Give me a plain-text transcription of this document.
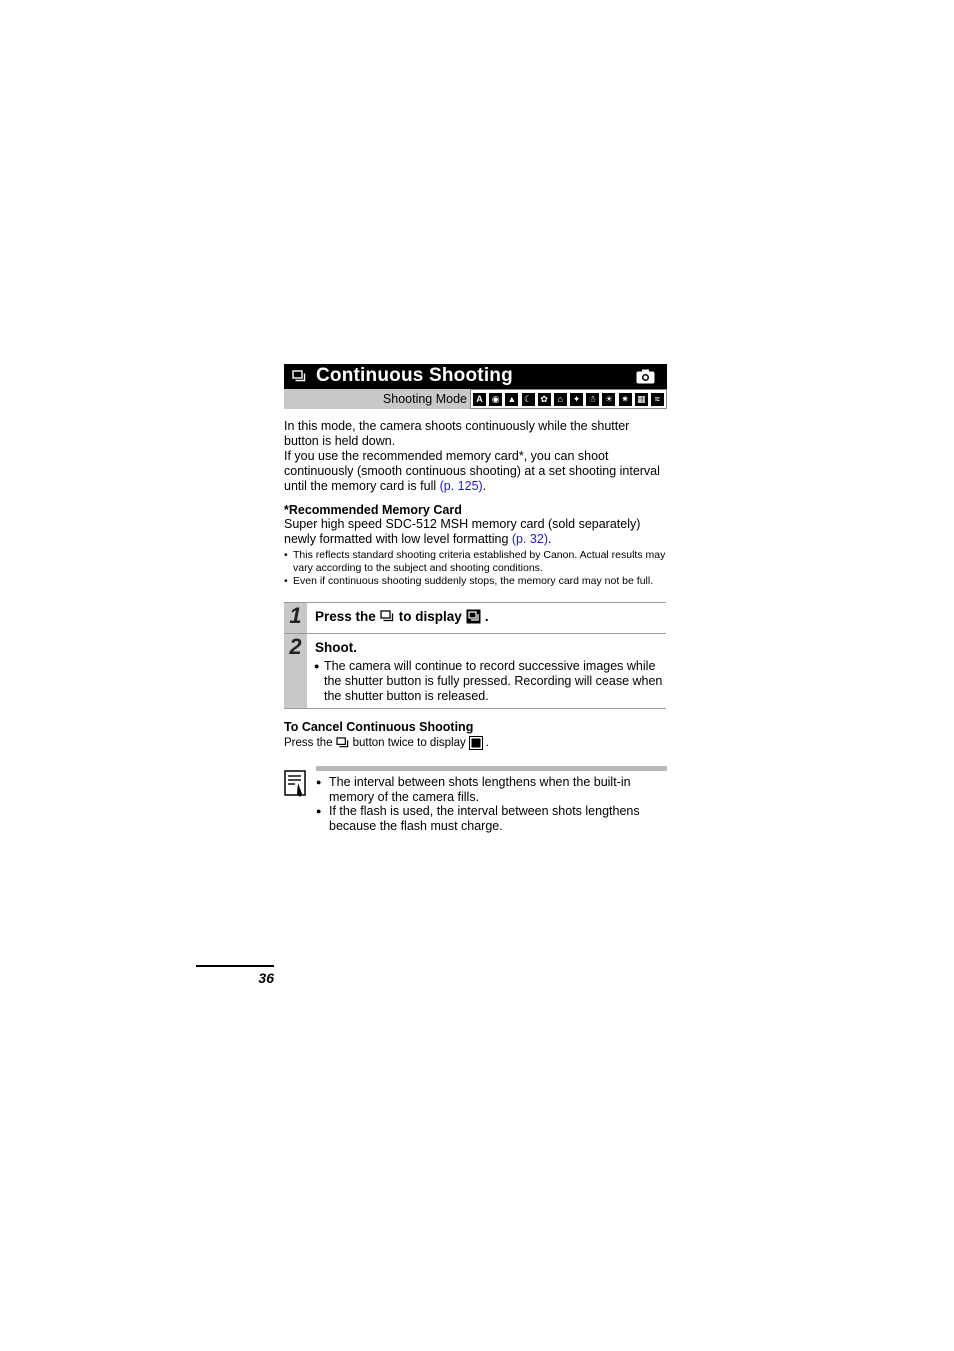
Continuous Shooting
Shooting Mode	A ◉ ▲ ☾ ✿	⌂	✦ ☃ ☀ ✷ ▦	≈
In this mode, the camera shoots continuously while the shutter button is held down.
If you use the recommended memory card*, you can shoot continuously (smooth continuous shooting) at a set shooting interval until the memory card is full (p. 125).
*Recommended Memory Card
Super high speed SDC-512 MSH memory card (sold separately) newly formatted with low level formatting (p. 32).
• This reflects standard shooting criteria established by Canon. Actual results may vary according to the subject and shooting conditions.
• Even if continuous shooting suddenly stops, the memory card may not be full.
1 Press the to display .
2 Shoot.
● The camera will continue to record successive images while the shutter button is fully pressed. Recording will cease when the shutter button is released.
To Cancel Continuous Shooting
Press the button twice to display .
● The interval between shots lengthens when the built-in memory of the camera fills.
● If the flash is used, the interval between shots lengthens because the flash must charge.
36
